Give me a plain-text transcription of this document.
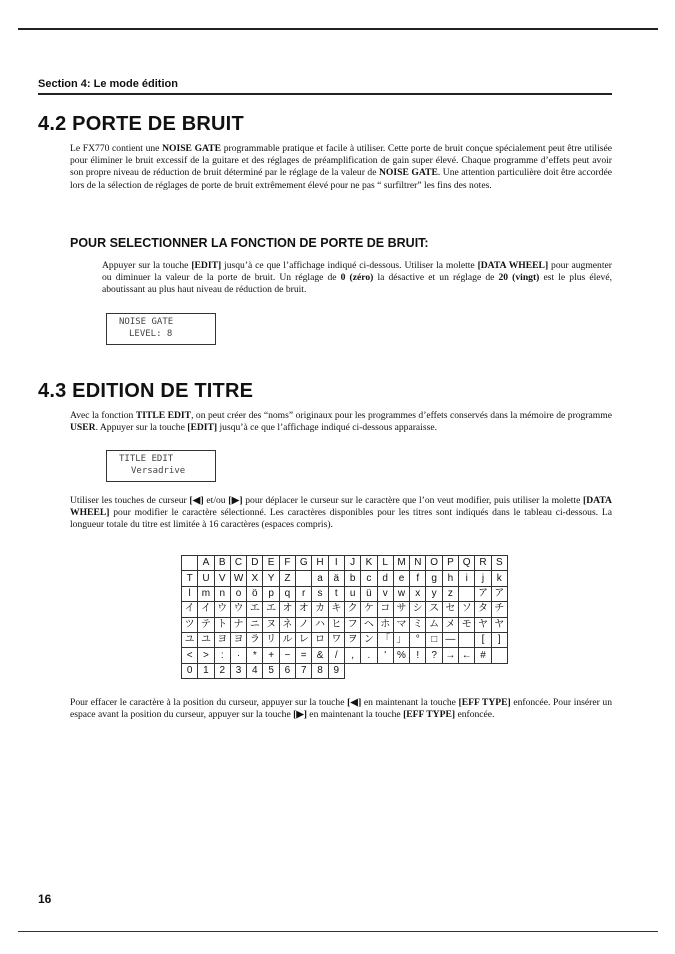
Section 4: Le mode édition
4.2 PORTE DE BRUIT

Le FX770 contient une NOISE GATE programmable pratique et facile à utiliser. Cette porte de bruit conçue spécialement peut être utilisée pour éliminer le bruit excessif de la guitare et des réglages de préamplification de gain super élevé. Chaque programme d’effets peut avoir son propre niveau de réduction de bruit déterminé par le réglage de la valeur de NOISE GATE. Une attention particulière doit être accordée lors de la sélection de réglages de porte de bruit extrêmement élevé pour ne pas “ surfiltrer” les fins des notes.

POUR SELECTIONNER LA FONCTION DE PORTE DE BRUIT:

Appuyer sur la touche [EDIT] jusqu’à ce que l’affichage indiqué ci-dessous. Utiliser la molette [DATA WHEEL] pour augmenter ou diminuer la valeur de la porte de bruit. Un réglage de 0 (zéro) la désactive et un réglage de 20 (vingt) est le plus élevé, aboutissant au plus haut niveau de réduction de bruit.

NOISE GATE
LEVEL: 8
4.3 EDITION DE TITRE

Avec la fonction TITLE EDIT, on peut créer des “noms” originaux pour les programmes d’effets conservés dans la mémoire de programme USER. Appuyer sur la touche [EDIT] jusqu’à ce que l’affichage indiqué ci-dessous apparaisse.

TITLE EDIT
Versadrive

Utiliser les touches de curseur [◀] et/ou [▶] pour déplacer le curseur sur le caractère que l’on veut modifier, puis utiliser la molette [DATA WHEEL] pour modifier le caractère sélectionné. Les caractères disponibles pour les titres sont indiqués dans le tableau ci-dessous. La longueur totale du titre est limitée à 16 caractères (espaces compris).

	A	B	C	D	E	F	G	H	I	J	K	L	M	N	O	P	Q	R	S
T	U	V	W	X	Y	Z		a	ä	b	c	d	e	f	g	h	i	j	k
l	m	n	o	ö	p	q	r	s	t	u	ü	v	w	x	y	z		ア	ア
イ	イ	ウ	ウ	エ	エ	オ	オ	カ	キ	ク	ケ	コ	サ	シ	ス	セ	ソ	タ	チ
ツ	テ	ト	ナ	ニ	ヌ	ネ	ノ	ハ	ヒ	フ	ヘ	ホ	マ	ミ	ム	メ	モ	ヤ	ヤ
ユ	ユ	ヨ	ヨ	ラ	リ	ル	レ	ロ	ワ	ヲ	ン	「	」	°	□	—		[	]
<	>	:	·	*	+	−	=	&	/	,	.	'	%	!	?	→	←	#	
0	1	2	3	4	5	6	7	8	9										

Pour effacer le caractère à la position du curseur, appuyer sur la touche [◀] en maintenant la touche [EFF TYPE] enfoncée. Pour insérer un espace avant la position du curseur, appuyer sur la touche [▶] en maintenant la touche [EFF TYPE] enfoncée.

16
